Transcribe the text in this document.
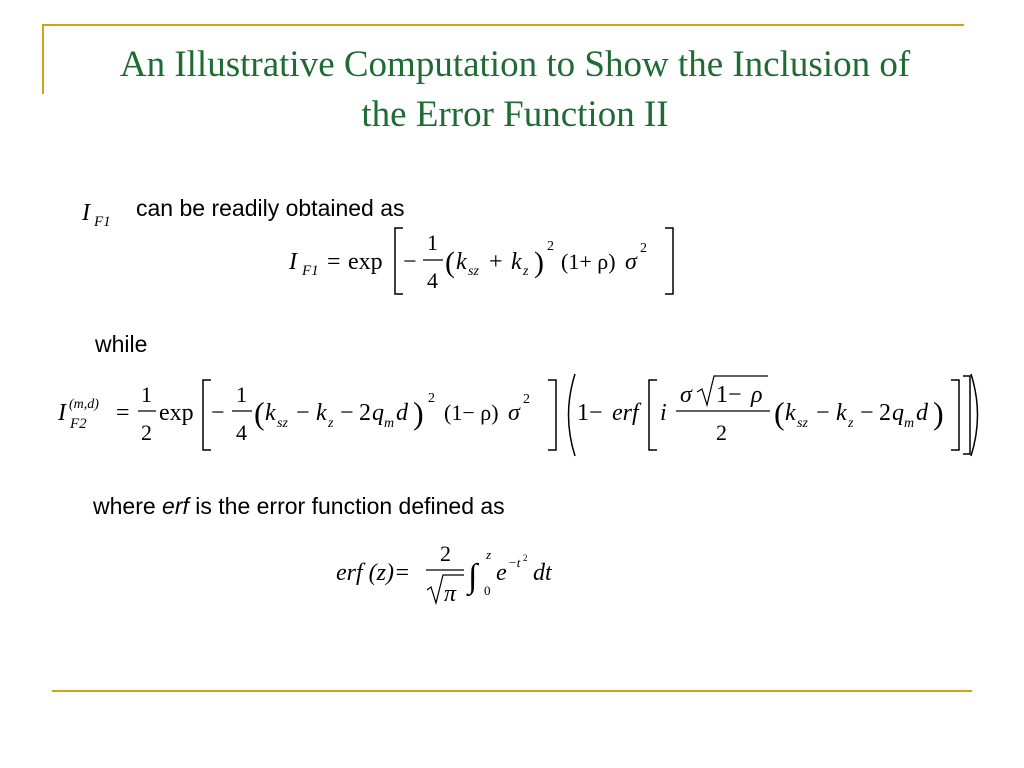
An Illustrative Computation to Show the Inclusion of
the Error Function II
I F1
can be readily obtained as
I F1 = exp −
1
4
( k sz + k z ) 2
(1+ ρ) σ
2
while
I (m,d)
F2 =
1
2
exp −
1
4
( k sz − k z − 2 q m d ) 2
(1− ρ) σ
2
1− erf i
σ 1− ρ
2
( k sz − k z − 2 q m d )
where erf is the error function defined as
erf (z)=
2
π ∫
z
0
e −t 2
dt
